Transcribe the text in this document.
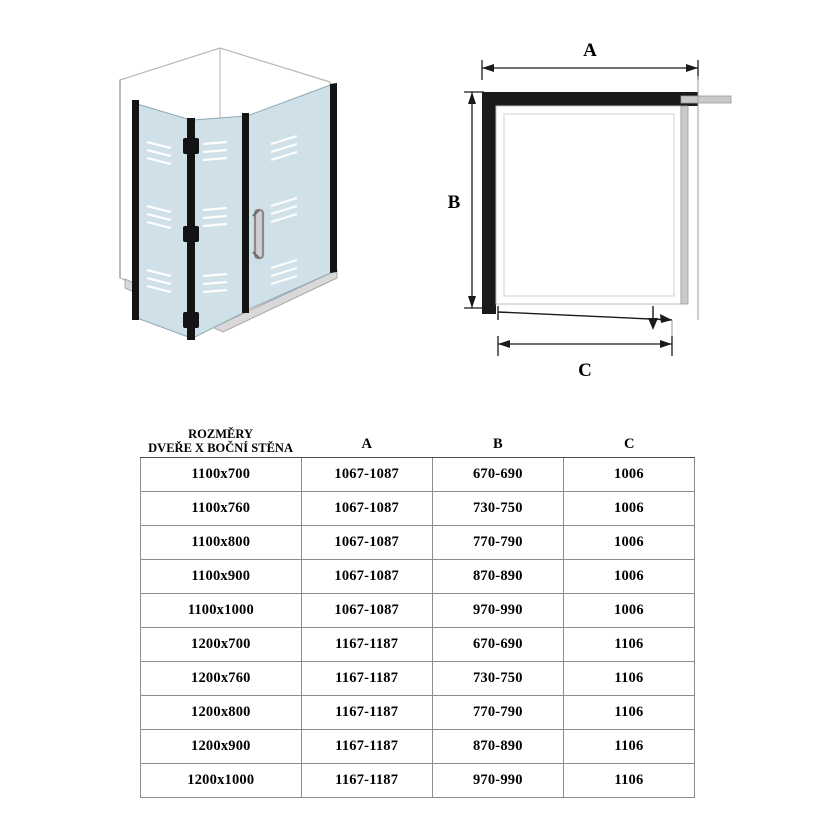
A
B
C
ROZMĚRY
DVEŘE X BOČNÍ STĚNA	A	B	C
1100x700	1067-1087	670-690	1006
1100x760	1067-1087	730-750	1006
1100x800	1067-1087	770-790	1006
1100x900	1067-1087	870-890	1006
1100x1000	1067-1087	970-990	1006
1200x700	1167-1187	670-690	1106
1200x760	1167-1187	730-750	1106
1200x800	1167-1187	770-790	1106
1200x900	1167-1187	870-890	1106
1200x1000	1167-1187	970-990	1106
